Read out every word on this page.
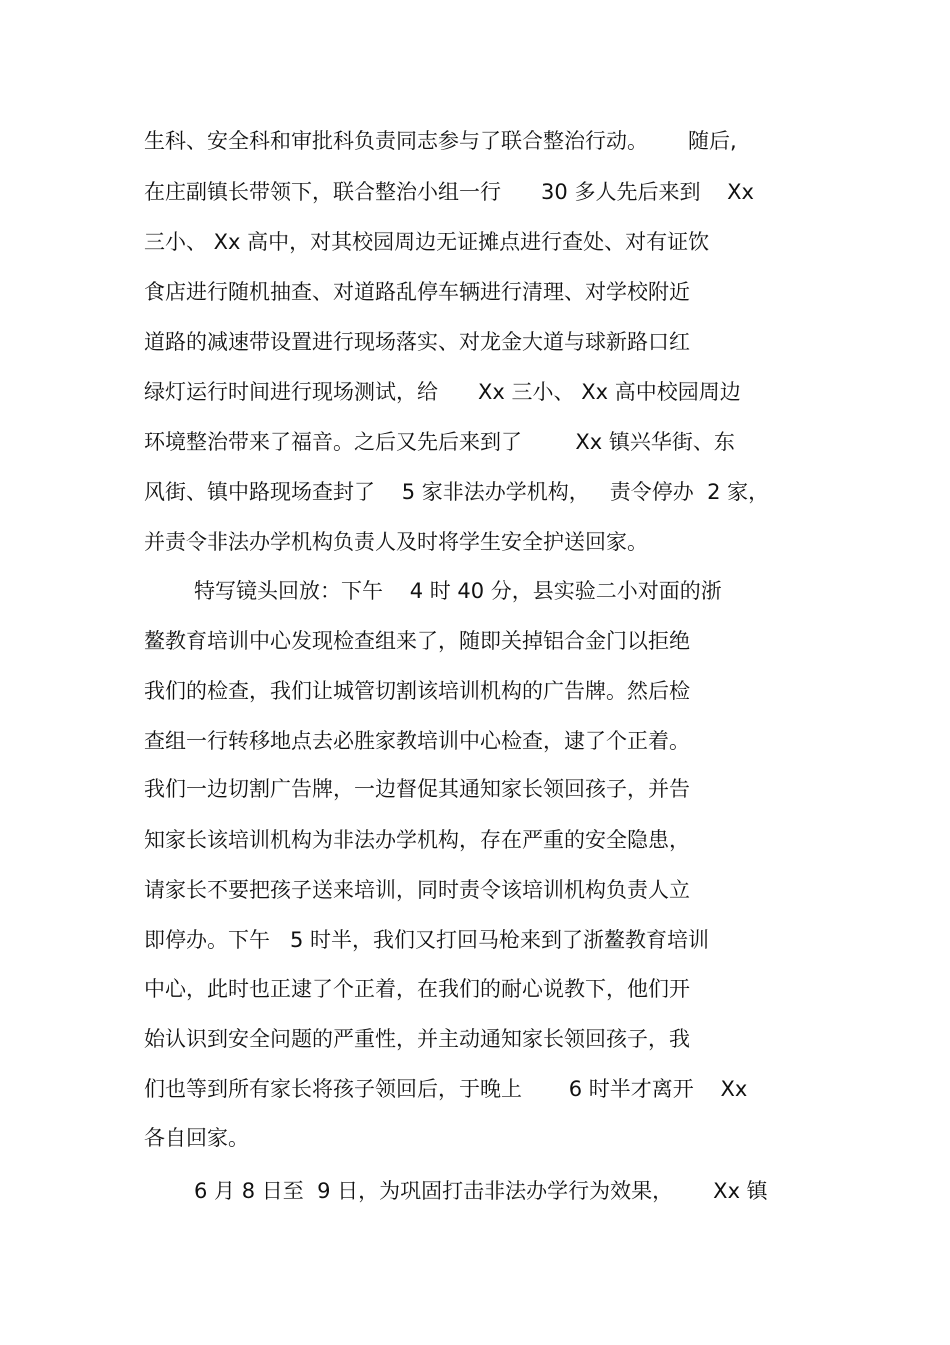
生科、安全科和审批科负责同志参与了联合整治行动。      随后,
在庄副镇长带领下，联合整治小组一行      30 多人先后来到    Xx
三小、 Xx 高中，对其校园周边无证摊点进行查处、对有证饮
食店进行随机抽查、对道路乱停车辆进行清理、对学校附近
道路的减速带设置进行现场落实、对龙金大道与球新路口红
绿灯运行时间进行现场测试，给      Xx 三小、 Xx 高中校园周边
环境整治带来了福音。之后又先后来到了        Xx 镇兴华街、东
风街、镇中路现场查封了    5 家非法办学机构，   责令停办  2 家，
并责令非法办学机构负责人及时将学生安全护送回家。
特写镜头回放：下午    4 时 40 分，县实验二小对面的浙
鳌教育培训中心发现检查组来了，随即关掉铝合金门以拒绝
我们的检查，我们让城管切割该培训机构的广告牌。然后检
查组一行转移地点去必胜家教培训中心检查，逮了个正着。
我们一边切割广告牌，一边督促其通知家长领回孩子，并告
知家长该培训机构为非法办学机构，存在严重的安全隐患，
请家长不要把孩子送来培训，同时责令该培训机构负责人立
即停办。下午   5 时半，我们又打回马枪来到了浙鳌教育培训
中心，此时也正逮了个正着，在我们的耐心说教下，他们开
始认识到安全问题的严重性，并主动通知家长领回孩子，我
们也等到所有家长将孩子领回后，于晚上       6 时半才离开    Xx
各自回家。
6 月 8 日至  9 日，为巩固打击非法办学行为效果，      Xx 镇
